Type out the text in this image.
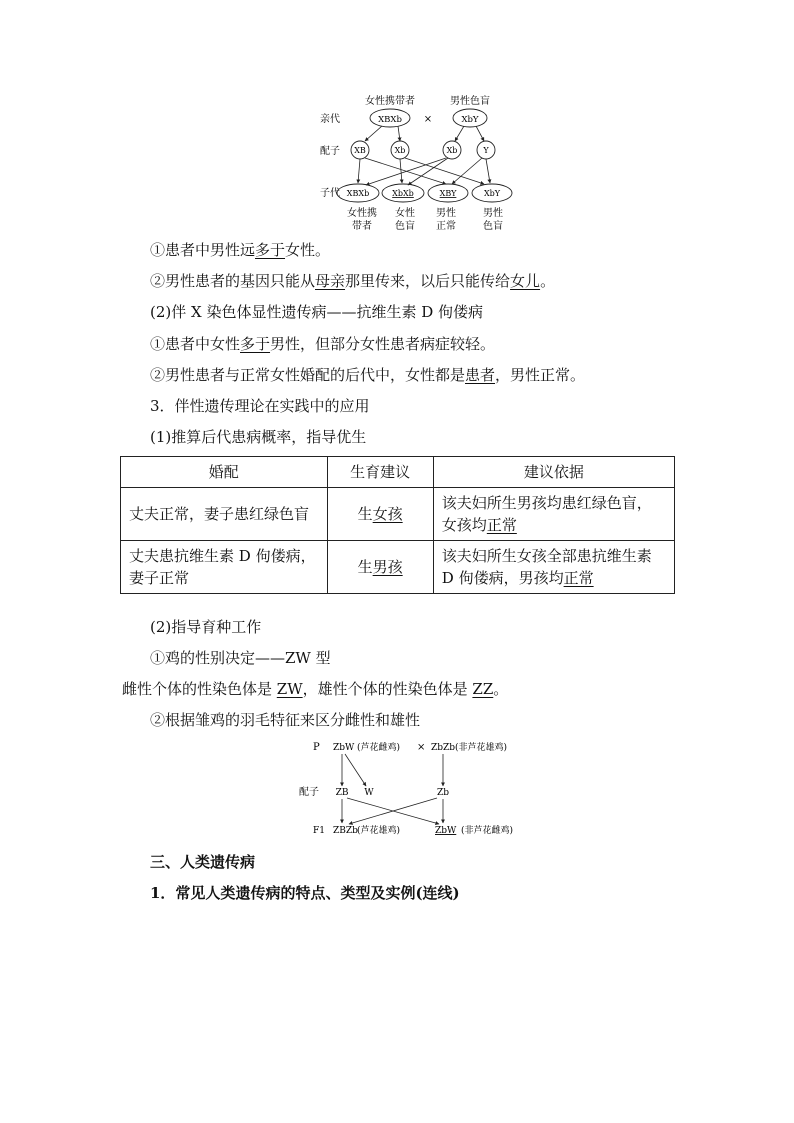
女性携带者	男性色盲
亲代
配子
子代
XBXb ×	XbY
XB	Xb	Xb	Y
XBXb	XbXb	XBY	XbY
女性携
带者
女性
色盲
男性
正常
男性
色盲
①患者中男性远多于女性。
②男性患者的基因只能从母亲那里传来，以后只能传给女儿。
(2)伴 X 染色体显性遗传病——抗维生素 D 佝偻病
①患者中女性多于男性，但部分女性患者病症较轻。
②男性患者与正常女性婚配的后代中，女性都是患者，男性正常。
3．伴性遗传理论在实践中的应用
(1)推算后代患病概率，指导优生
婚配	生育建议	建议依据
丈夫正常，妻子患红绿色盲	生女孩	该夫妇所生男孩均患红绿色盲，女孩均正常
丈夫患抗维生素 D 佝偻病，妻子正常	生男孩	该夫妇所生女孩全部患抗维生素 D 佝偻病，男孩均正常
(2)指导育种工作
①鸡的性别决定——ZW 型
雌性个体的性染色体是 ZW，雄性个体的性染色体是 ZZ。
②根据雏鸡的羽毛特征来区分雌性和雄性
P ZbW (芦花雌鸡) × ZbZb (非芦花雄鸡)
配子 ZB W	Zb
F1 ZBZb (芦花雄鸡)	ZbW (非芦花雌鸡)
三、人类遗传病
1．常见人类遗传病的特点、类型及实例(连线)
